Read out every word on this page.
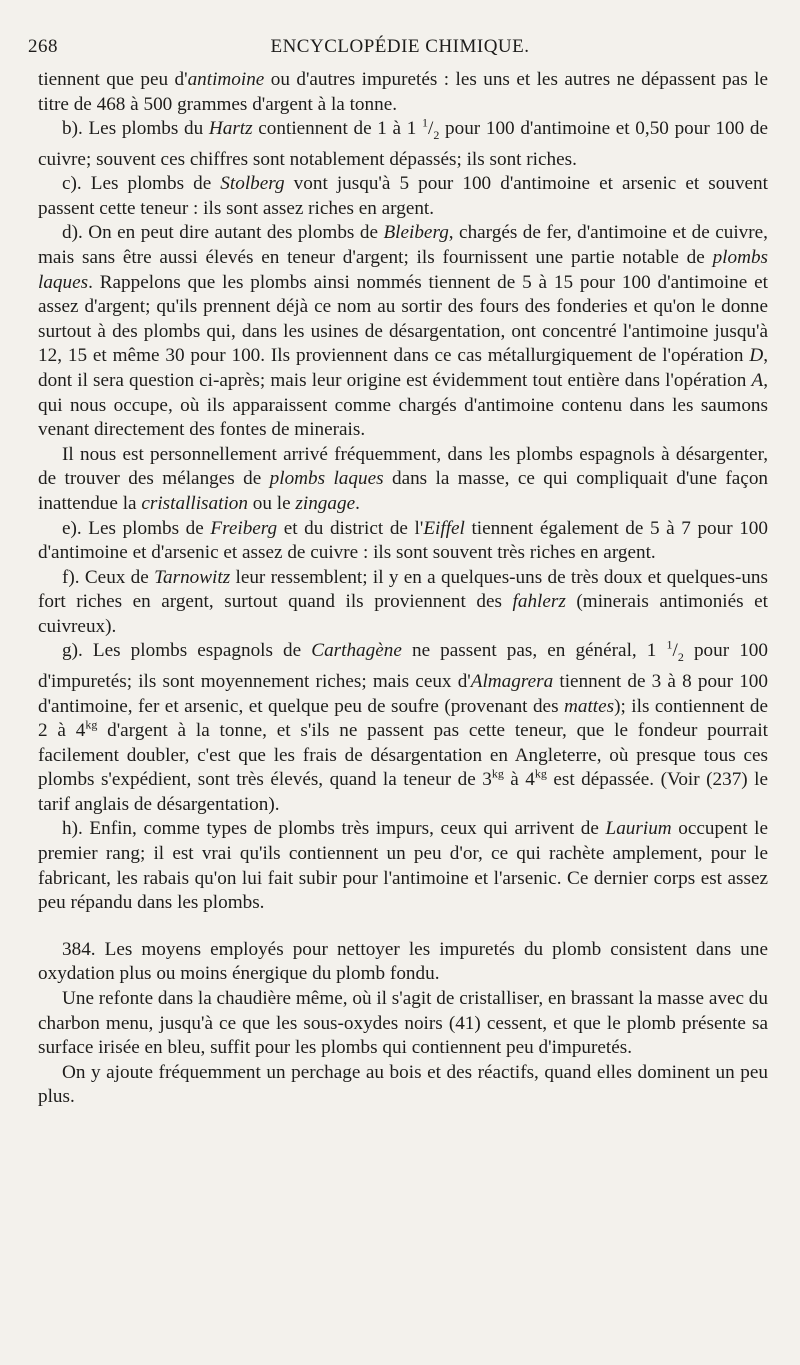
268	ENCYCLOPÉDIE CHIMIQUE.

tiennent que peu d'antimoine ou d'autres impuretés : les uns et les autres ne dépassent pas le titre de 468 à 500 grammes d'argent à la tonne.

b). Les plombs du Hartz contiennent de 1 à 1 $^1/_2$ pour 100 d'antimoine et 0,50 pour 100 de cuivre; souvent ces chiffres sont notablement dépassés; ils sont riches.

c). Les plombs de Stolberg vont jusqu'à 5 pour 100 d'antimoine et arsenic et souvent passent cette teneur : ils sont assez riches en argent.

d). On en peut dire autant des plombs de Bleiberg, chargés de fer, d'antimoine et de cuivre, mais sans être aussi élevés en teneur d'argent; ils fournissent une partie notable de plombs laques. Rappelons que les plombs ainsi nommés tiennent de 5 à 15 pour 100 d'antimoine et assez d'argent; qu'ils prennent déjà ce nom au sortir des fours des fonderies et qu'on le donne surtout à des plombs qui, dans les usines de désargentation, ont concentré l'antimoine jusqu'à 12, 15 et même 30 pour 100. Ils proviennent dans ce cas métallurgiquement de l'opération D, dont il sera question ci-après; mais leur origine est évidemment tout entière dans l'opération A, qui nous occupe, où ils apparaissent comme chargés d'antimoine contenu dans les saumons venant directement des fontes de minerais.

Il nous est personnellement arrivé fréquemment, dans les plombs espagnols à désargenter, de trouver des mélanges de plombs laques dans la masse, ce qui compliquait d'une façon inattendue la cristallisation ou le zingage.

e). Les plombs de Freiberg et du district de l'Eiffel tiennent également de 5 à 7 pour 100 d'antimoine et d'arsenic et assez de cuivre : ils sont souvent très riches en argent.

f). Ceux de Tarnowitz leur ressemblent; il y en a quelques-uns de très doux et quelques-uns fort riches en argent, surtout quand ils proviennent des fahlerz (minerais antimoniés et cuivreux).

g). Les plombs espagnols de Carthagène ne passent pas, en général, 1 $^1/_2$ pour 100 d'impuretés; ils sont moyennement riches; mais ceux d'Almagrera tiennent de 3 à 8 pour 100 d'antimoine, fer et arsenic, et quelque peu de soufre (provenant des mattes); ils contiennent de 2 à $4^{kg}$ d'argent à la tonne, et s'ils ne passent pas cette teneur, que le fondeur pourrait facilement doubler, c'est que les frais de désargentation en Angleterre, où presque tous ces plombs s'expédient, sont très élevés, quand la teneur de $3^{kg}$ à $4^{kg}$ est dépassée. (Voir (237) le tarif anglais de désargentation).

h). Enfin, comme types de plombs très impurs, ceux qui arrivent de Laurium occupent le premier rang; il est vrai qu'ils contiennent un peu d'or, ce qui rachète amplement, pour le fabricant, les rabais qu'on lui fait subir pour l'antimoine et l'arsenic. Ce dernier corps est assez peu répandu dans les plombs.

384. Les moyens employés pour nettoyer les impuretés du plomb consistent dans une oxydation plus ou moins énergique du plomb fondu.

Une refonte dans la chaudière même, où il s'agit de cristalliser, en brassant la masse avec du charbon menu, jusqu'à ce que les sous-oxydes noirs (41) cessent, et que le plomb présente sa surface irisée en bleu, suffit pour les plombs qui contiennent peu d'impuretés.

On y ajoute fréquemment un perchage au bois et des réactifs, quand elles dominent un peu plus.
